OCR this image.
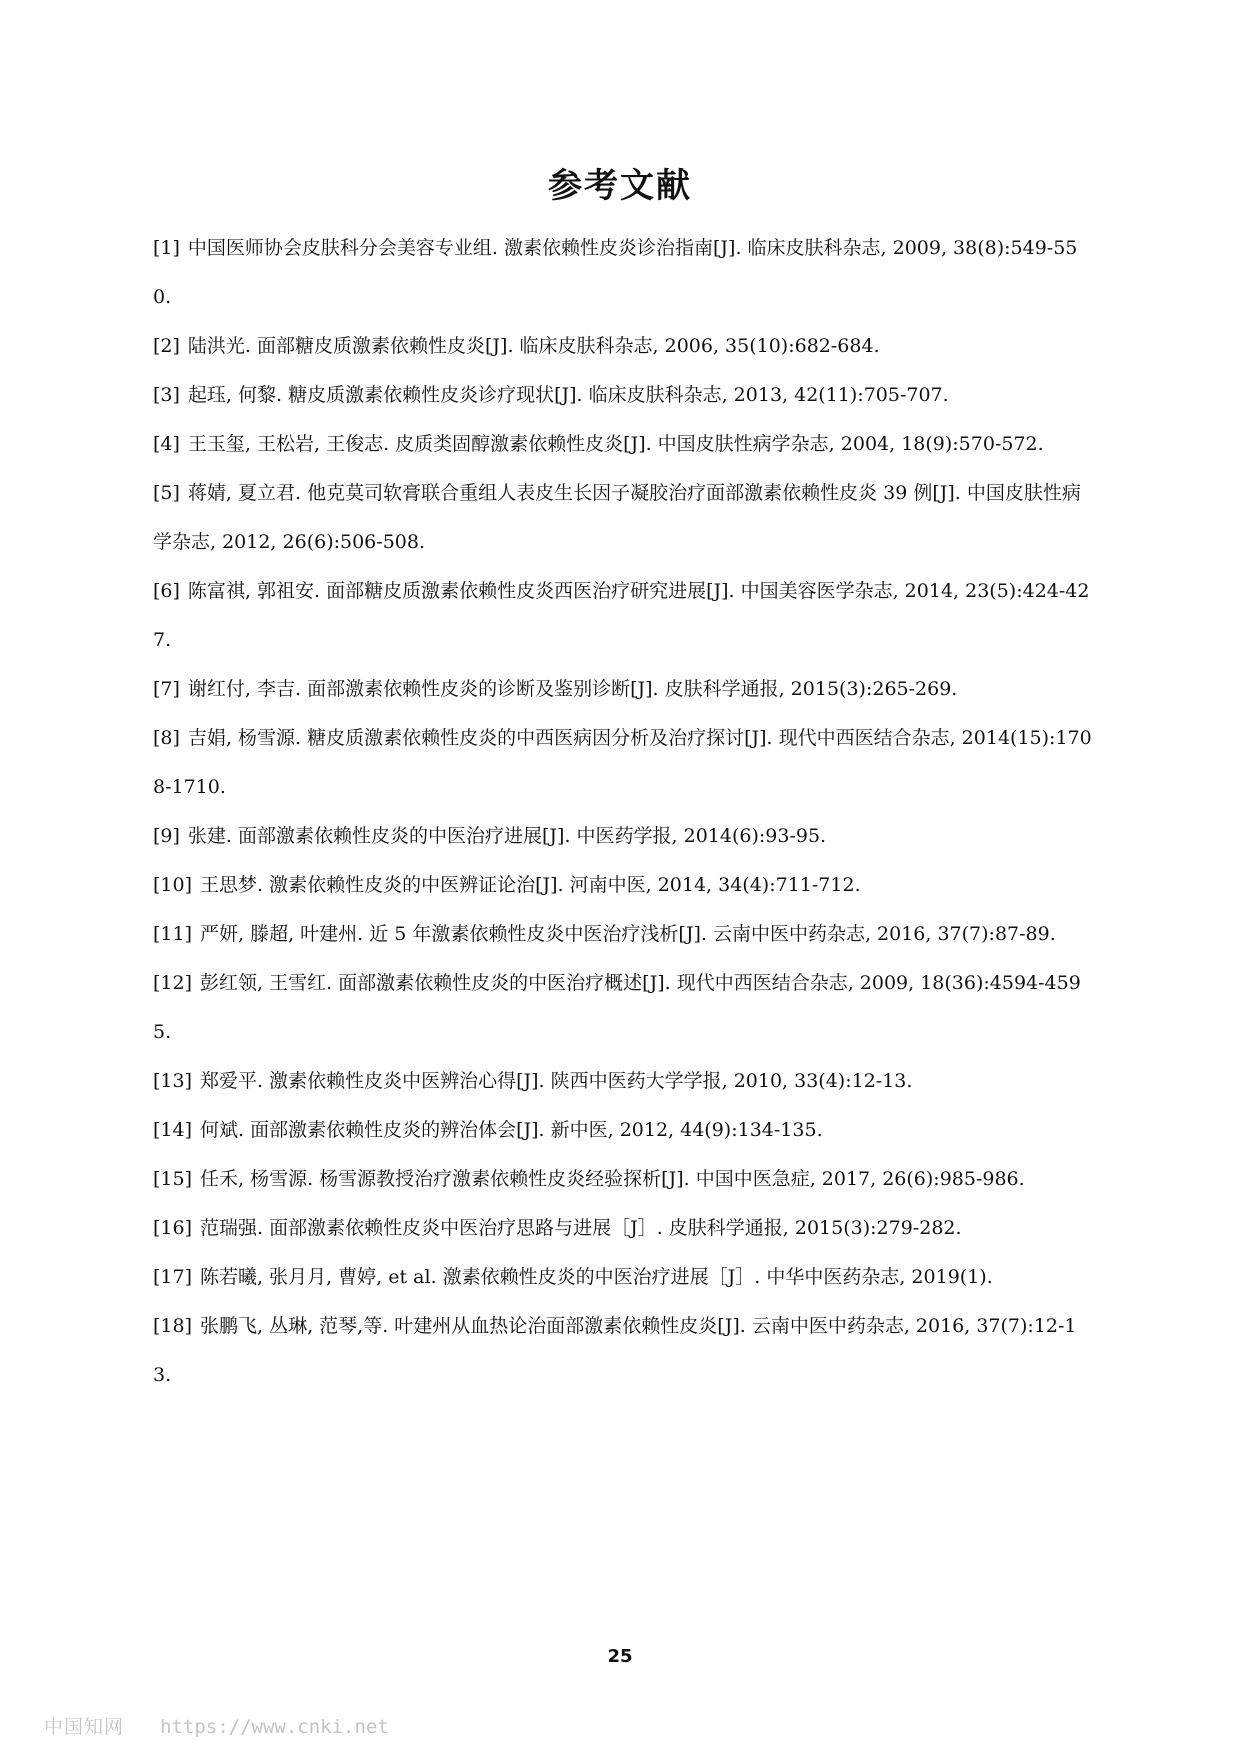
参考文献

[1] 中国医师协会皮肤科分会美容专业组. 激素依赖性皮炎诊治指南[J]. 临床皮肤科杂志, 2009, 38(8):549-550.

[2] 陆洪光. 面部糖皮质激素依赖性皮炎[J]. 临床皮肤科杂志, 2006, 35(10):682-684.

[3] 起珏, 何黎. 糖皮质激素依赖性皮炎诊疗现状[J]. 临床皮肤科杂志, 2013, 42(11):705-707.

[4] 王玉玺, 王松岩, 王俊志. 皮质类固醇激素依赖性皮炎[J]. 中国皮肤性病学杂志, 2004, 18(9):570-572.

[5] 蒋婧, 夏立君. 他克莫司软膏联合重组人表皮生长因子凝胶治疗面部激素依赖性皮炎 39 例[J]. 中国皮肤性病学杂志, 2012, 26(6):506-508.

[6] 陈富祺, 郭祖安. 面部糖皮质激素依赖性皮炎西医治疗研究进展[J]. 中国美容医学杂志, 2014, 23(5):424-427.

[7] 谢红付, 李吉. 面部激素依赖性皮炎的诊断及鉴别诊断[J]. 皮肤科学通报, 2015(3):265-269.

[8] 吉娟, 杨雪源. 糖皮质激素依赖性皮炎的中西医病因分析及治疗探讨[J]. 现代中西医结合杂志, 2014(15):1708-1710.

[9] 张建. 面部激素依赖性皮炎的中医治疗进展[J]. 中医药学报, 2014(6):93-95.

[10] 王思梦. 激素依赖性皮炎的中医辨证论治[J]. 河南中医, 2014, 34(4):711-712.

[11] 严妍, 滕超, 叶建州. 近 5 年激素依赖性皮炎中医治疗浅析[J]. 云南中医中药杂志, 2016, 37(7):87-89.

[12] 彭红领, 王雪红. 面部激素依赖性皮炎的中医治疗概述[J]. 现代中西医结合杂志, 2009, 18(36):4594-4595.

[13] 郑爱平. 激素依赖性皮炎中医辨治心得[J]. 陕西中医药大学学报, 2010, 33(4):12-13.

[14] 何斌. 面部激素依赖性皮炎的辨治体会[J]. 新中医, 2012, 44(9):134-135.

[15] 任禾, 杨雪源. 杨雪源教授治疗激素依赖性皮炎经验探析[J]. 中国中医急症, 2017, 26(6):985-986.

[16] 范瑞强. 面部激素依赖性皮炎中医治疗思路与进展［J］. 皮肤科学通报, 2015(3):279-282.

[17] 陈若曦, 张月月, 曹婷, et al. 激素依赖性皮炎的中医治疗进展［J］. 中华中医药杂志, 2019(1).

[18] 张鹏飞, 丛琳, 范琴,等. 叶建州从血热论治面部激素依赖性皮炎[J]. 云南中医中药杂志, 2016, 37(7):12-13.

25
中国知网 https://www.cnki.net
